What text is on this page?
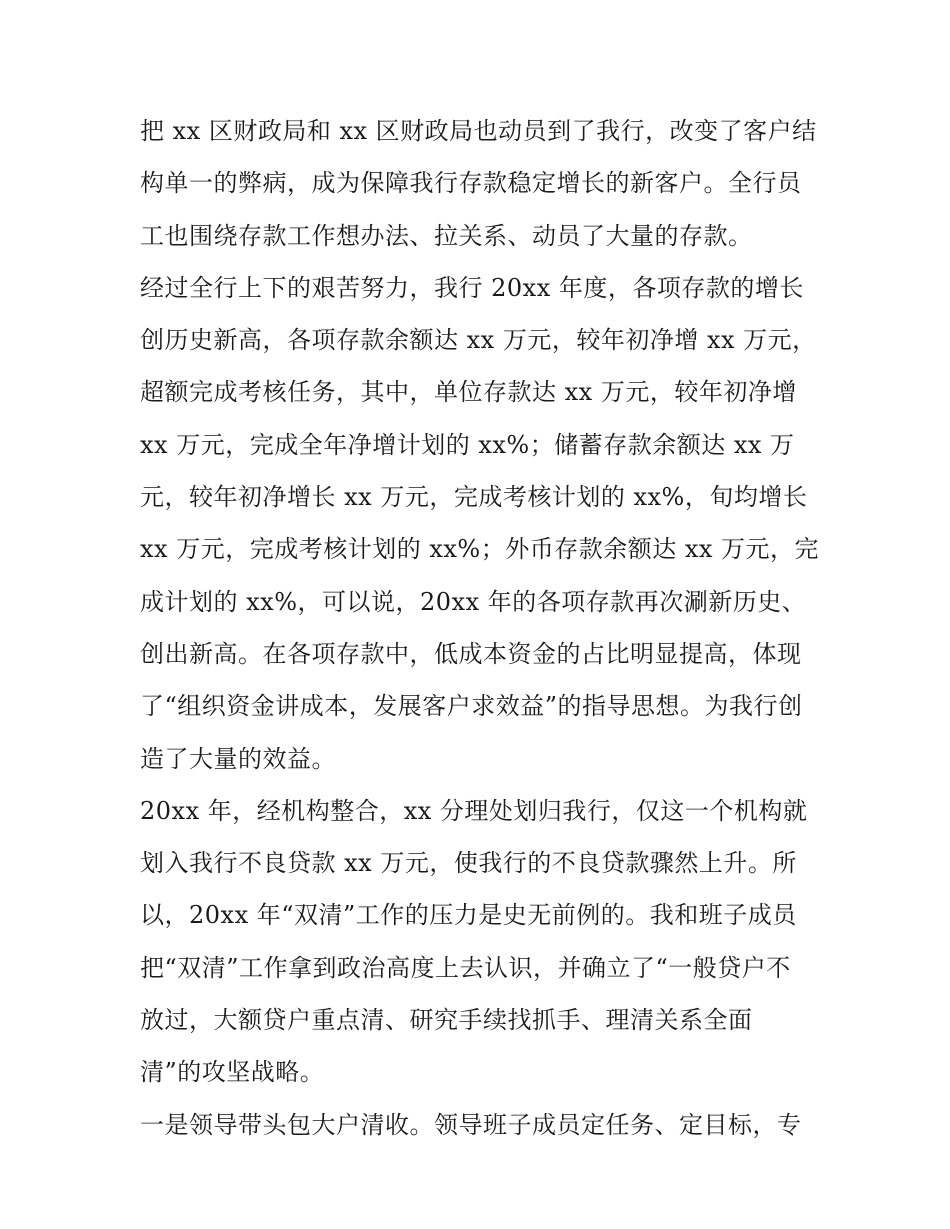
把 xx 区财政局和 xx 区财政局也动员到了我行，改变了客户结
构单一的弊病，成为保障我行存款稳定增长的新客户。全行员
工也围绕存款工作想办法、拉关系、动员了大量的存款。
经过全行上下的艰苦努力，我行 20xx 年度，各项存款的增长
创历史新高，各项存款余额达 xx 万元，较年初净增 xx 万元，
超额完成考核任务，其中，单位存款达 xx 万元，较年初净增
xx 万元，完成全年净增计划的 xx%；储蓄存款余额达 xx 万
元，较年初净增长 xx 万元，完成考核计划的 xx%，旬均增长
xx 万元，完成考核计划的 xx%；外币存款余额达 xx 万元，完
成计划的 xx%，可以说，20xx 年的各项存款再次涮新历史、
创出新高。在各项存款中，低成本资金的占比明显提高，体现
了“组织资金讲成本，发展客户求效益”的指导思想。为我行创
造了大量的效益。
20xx 年，经机构整合，xx 分理处划归我行，仅这一个机构就
划入我行不良贷款 xx 万元，使我行的不良贷款骤然上升。所
以，20xx 年“双清”工作的压力是史无前例的。我和班子成员
把“双清”工作拿到政治高度上去认识，并确立了“一般贷户不
放过，大额贷户重点清、研究手续找抓手、理清关系全面
清”的攻坚战略。
一是领导带头包大户清收。领导班子成员定任务、定目标，专
